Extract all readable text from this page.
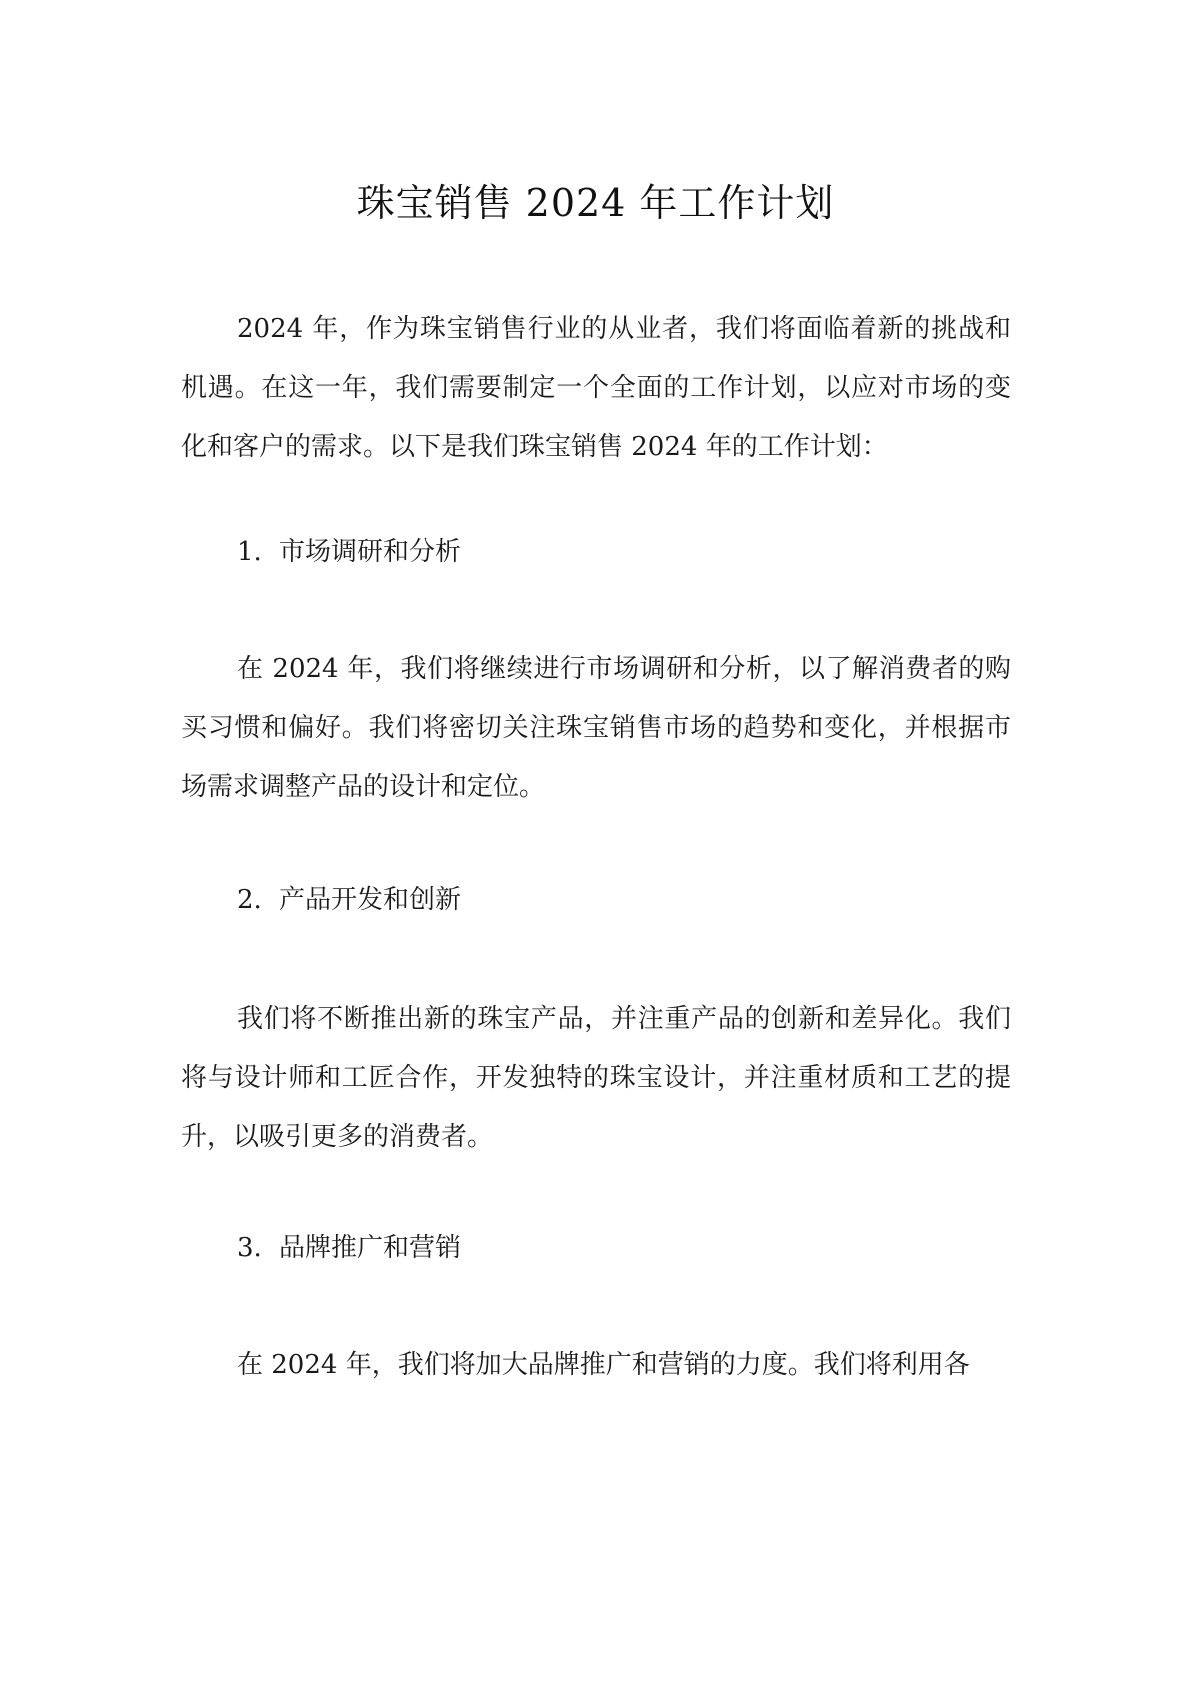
珠宝销售 2024 年工作计划
2024 年，作为珠宝销售行业的从业者，我们将面临着新的挑战和机遇。在这一年，我们需要制定一个全面的工作计划，以应对市场的变化和客户的需求。以下是我们珠宝销售 2024 年的工作计划：
1. 市场调研和分析
在 2024 年，我们将继续进行市场调研和分析，以了解消费者的购买习惯和偏好。我们将密切关注珠宝销售市场的趋势和变化，并根据市场需求调整产品的设计和定位。
2. 产品开发和创新
我们将不断推出新的珠宝产品，并注重产品的创新和差异化。我们将与设计师和工匠合作，开发独特的珠宝设计，并注重材质和工艺的提升，以吸引更多的消费者。
3. 品牌推广和营销
在 2024 年，我们将加大品牌推广和营销的力度。我们将利用各
